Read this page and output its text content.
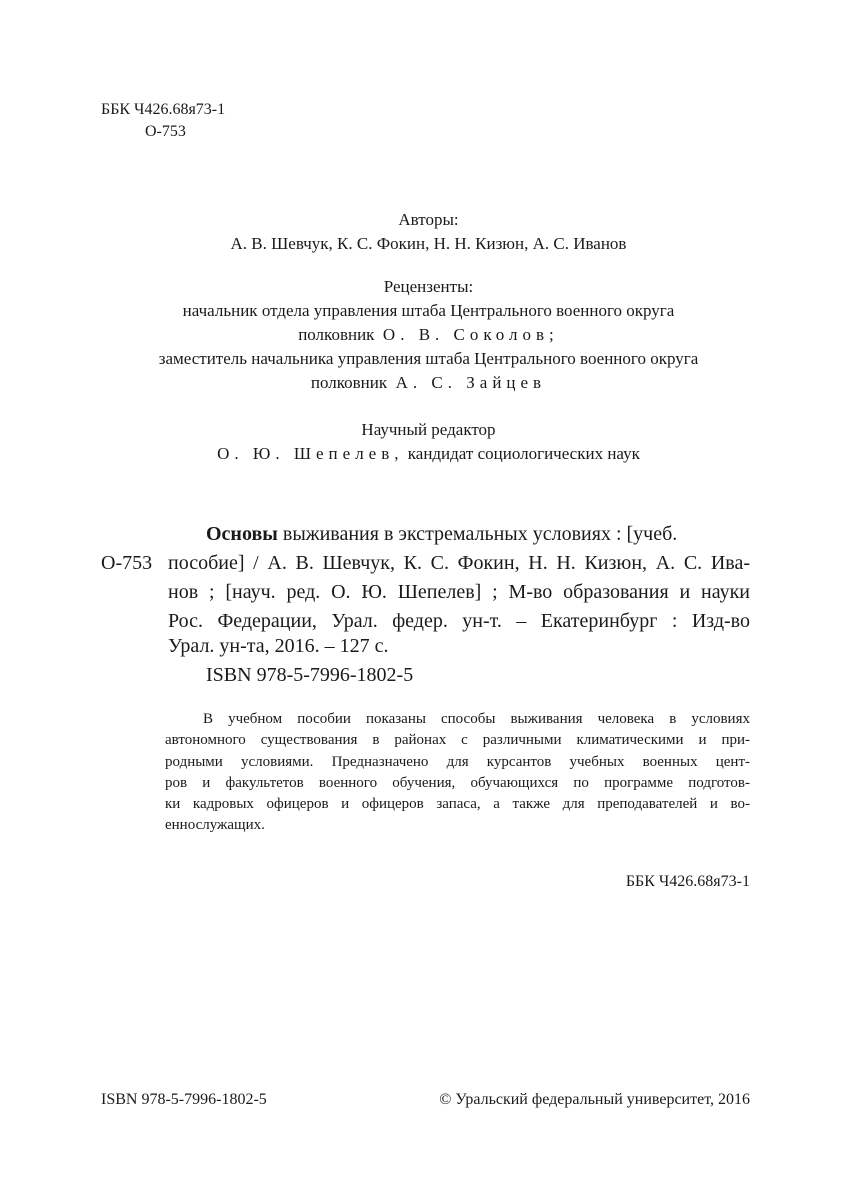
ББК Ч426.68я73-1
О-753
Авторы:
А. В. Шевчук, К. С. Фокин, Н. Н. Кизюн, А. С. Иванов
Рецензенты:
начальник отдела управления штаба Центрального военного округа
полковник О. В. Соколов;
заместитель начальника управления штаба Центрального военного округа
полковник А. С. Зайцев
Научный редактор
О. Ю. Шепелев, кандидат социологических наук
Основы выживания в экстремальных условиях : [учеб.
О-753 пособие] / А. В. Шевчук, К. С. Фокин, Н. Н. Кизюн, А. С. Ива-
нов ; [науч. ред. О. Ю. Шепелев] ; М-во образования и науки
Рос. Федерации, Урал. федер. ун-т. – Екатеринбург : Изд-во
Урал. ун-та, 2016. – 127 с.
ISBN 978-5-7996-1802-5
В учебном пособии показаны способы выживания человека в условиях
автономного существования в районах с различными климатическими и при-
родными условиями. Предназначено для курсантов учебных военных цент-
ров и факультетов военного обучения, обучающихся по программе подготов-
ки кадровых офицеров и офицеров запаса, а также для преподавателей и во-
еннослужащих.
ББК Ч426.68я73-1
ISBN 978-5-7996-1802-5	© Уральский федеральный университет, 2016
